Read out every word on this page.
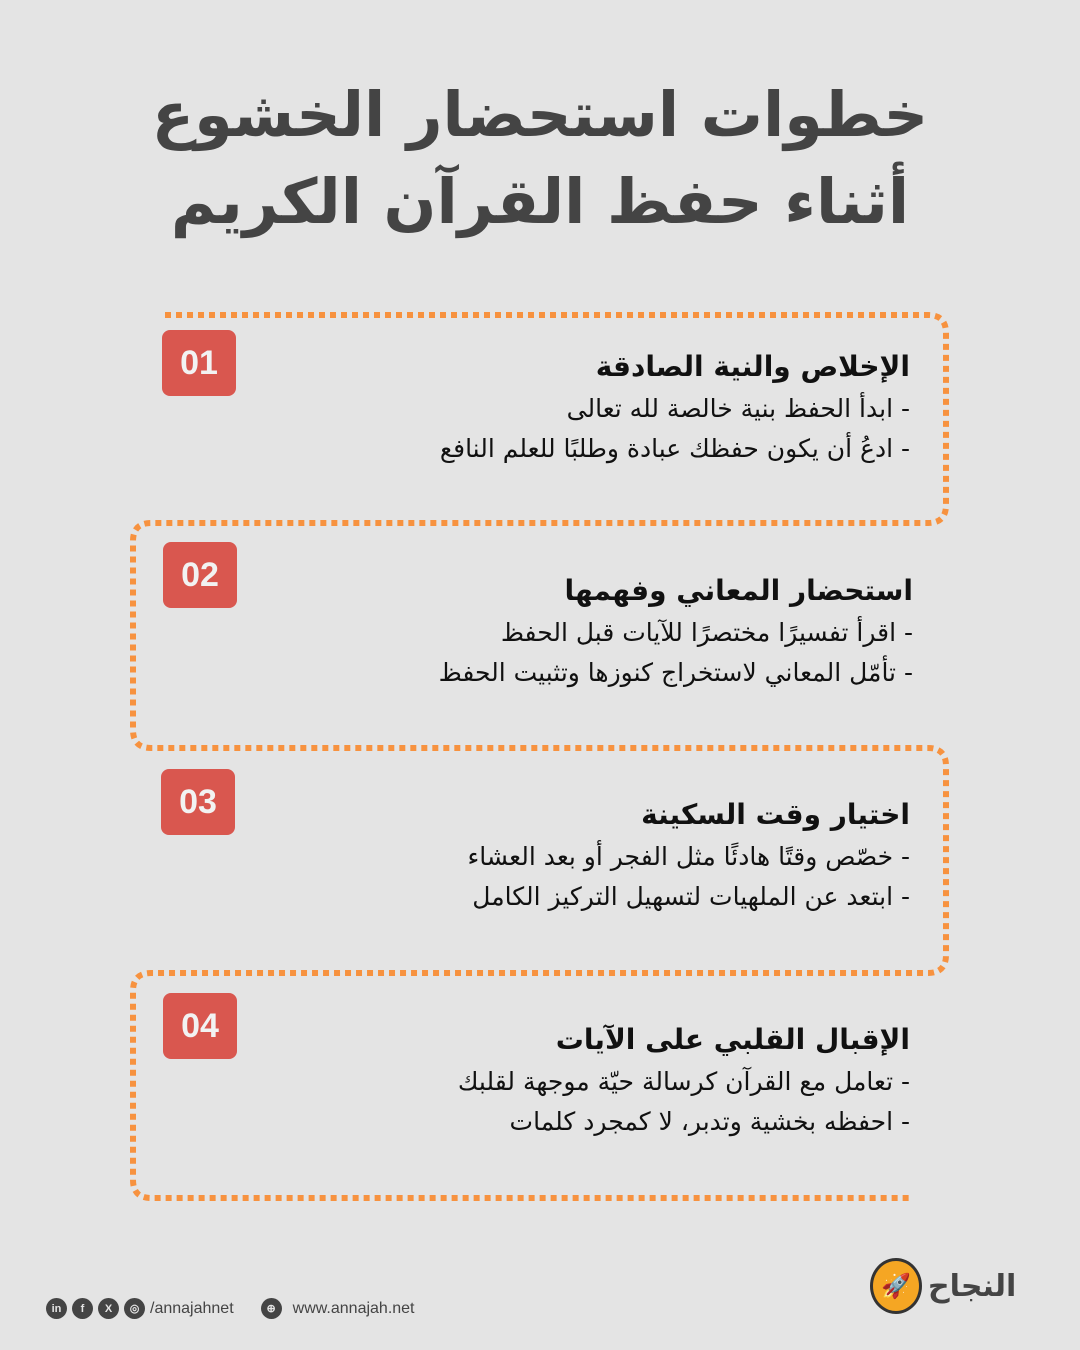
خطوات استحضار الخشوع
أثناء حفظ القرآن الكريم
01	الإخلاص والنية الصادقة

- ابدأ الحفظ بنية خالصة لله تعالى

- ادعُ أن يكون حفظك عبادة وطلبًا للعلم النافع

02	استحضار المعاني وفهمها

- اقرأ تفسيرًا مختصرًا للآيات قبل الحفظ

- تأمّل المعاني لاستخراج كنوزها وتثبيت الحفظ

03	اختيار وقت السكينة

- خصّص وقتًا هادئًا مثل الفجر أو بعد العشاء

- ابتعد عن الملهيات لتسهيل التركيز الكامل

04	الإقبال القلبي على الآيات

- تعامل مع القرآن كرسالة حيّة موجهة لقلبك

- احفظه بخشية وتدبر، لا كمجرد كلمات

in	f	X	◎ /annajahnet	⊕	www.annajah.net
🚀 النجاح
